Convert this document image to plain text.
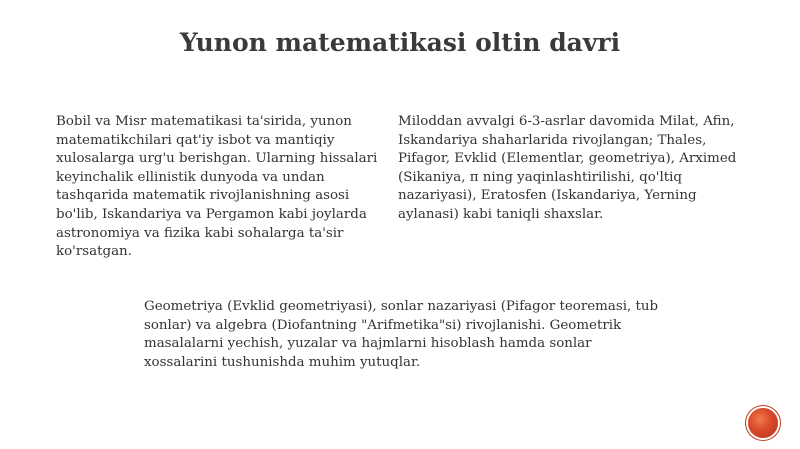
Yunon matematikasi oltin davri

Bobil va Misr matematikasi ta'sirida, yunon matematikchilari qat'iy isbot va mantiqiy xulosalarga urg'u berishgan. Ularning hissalari keyinchalik ellinistik dunyoda va undan tashqarida matematik rivojlanishning asosi bo'lib, Iskandariya va Pergamon kabi joylarda astronomiya va fizika kabi sohalarga ta'sir ko'rsatgan.

Miloddan avvalgi 6-3-asrlar davomida Milat, Afin, Iskandariya shaharlarida rivojlangan; Thales, Pifagor, Evklid (Elementlar, geometriya), Arximed (Sikaniya, π ning yaqinlashtirilishi, qo'ltiq nazariyasi), Eratosfen (Iskandariya, Yerning aylanasi) kabi taniqli shaxslar.

Geometriya (Evklid geometriyasi), sonlar nazariyasi (Pifagor teoremasi, tub sonlar) va algebra (Diofantning "Arifmetika"si) rivojlanishi. Geometrik masalalarni yechish, yuzalar va hajmlarni hisoblash hamda sonlar xossalarini tushunishda muhim yutuqlar.
